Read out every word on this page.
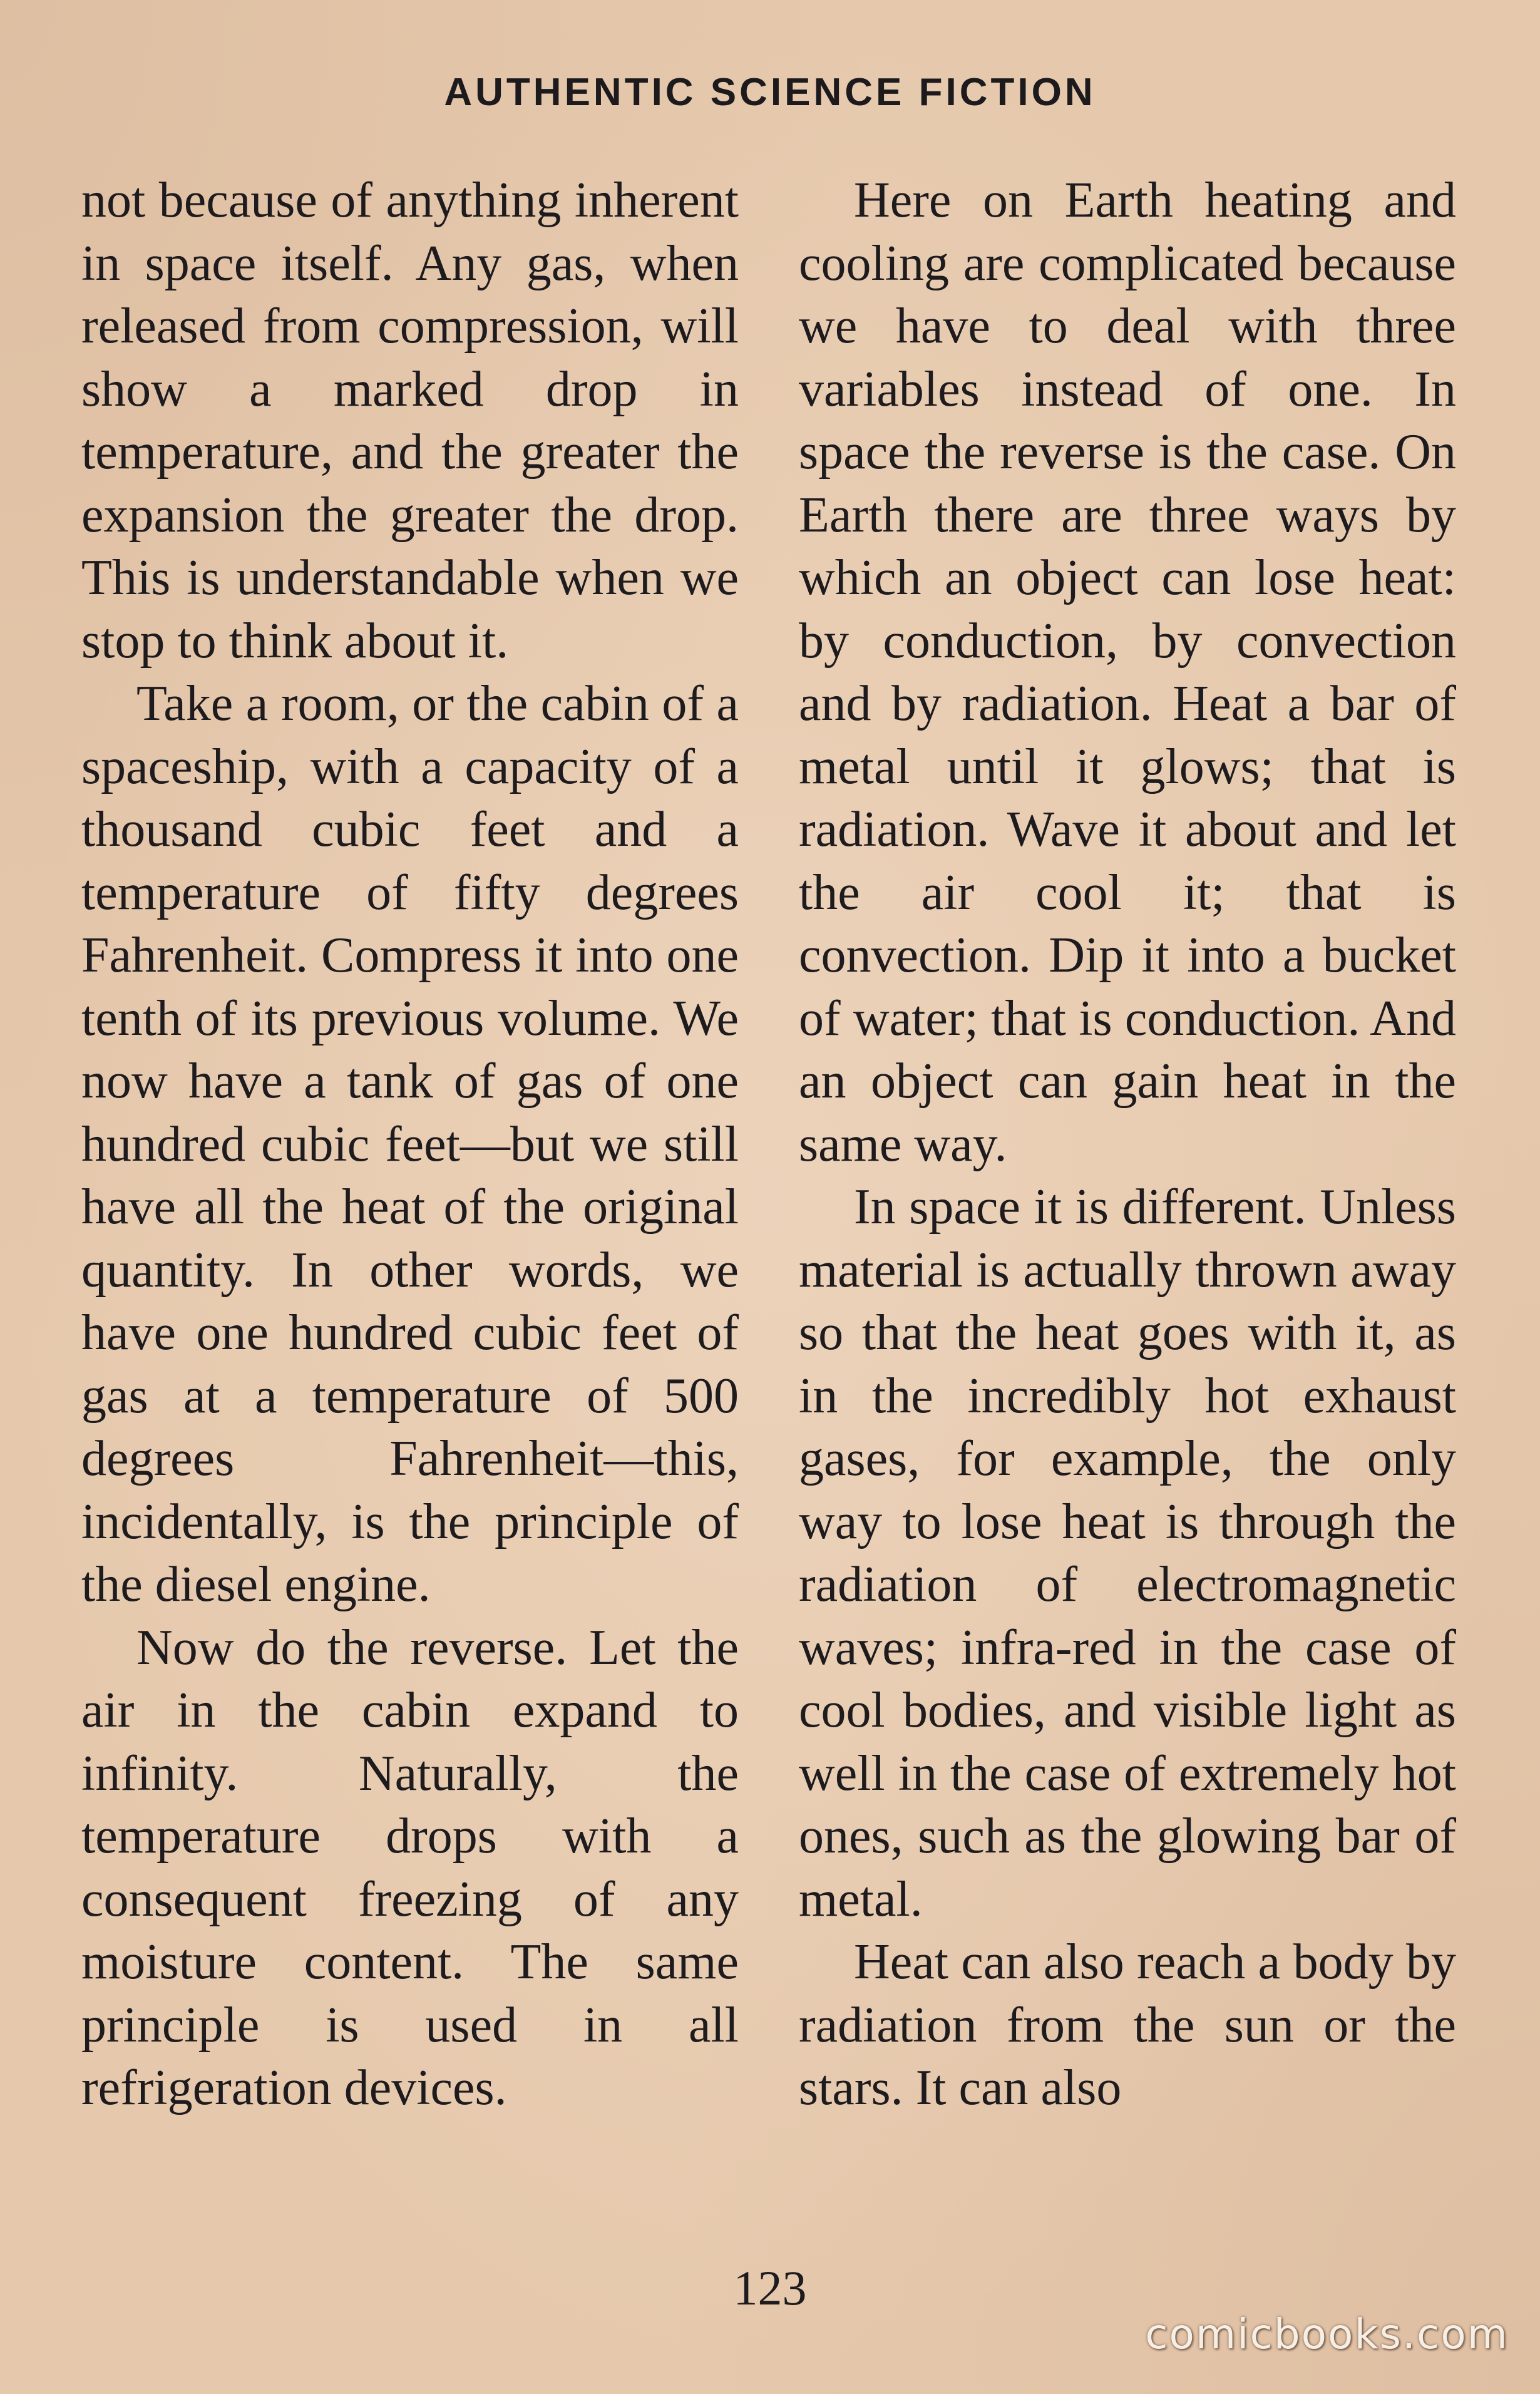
AUTHENTIC SCIENCE FICTION

not because of anything inherent in space itself. Any gas, when released from compression, will show a marked drop in temperature, and the greater the expansion the greater the drop. This is understandable when we stop to think about it.

Take a room, or the cabin of a spaceship, with a capacity of a thousand cubic feet and a temperature of fifty degrees Fahrenheit. Compress it into one tenth of its previous volume. We now have a tank of gas of one hundred cubic feet—but we still have all the heat of the original quantity. In other words, we have one hundred cubic feet of gas at a temperature of 500 degrees Fahrenheit—this, incidentally, is the principle of the diesel engine.

Now do the reverse. Let the air in the cabin expand to infinity. Naturally, the temperature drops with a consequent freezing of any moisture content. The same principle is used in all refrigeration devices.

Here on Earth heating and cooling are complicated because we have to deal with three variables instead of one. In space the reverse is the case. On Earth there are three ways by which an object can lose heat: by conduction, by convection and by radiation. Heat a bar of metal until it glows; that is radiation. Wave it about and let the air cool it; that is convection. Dip it into a bucket of water; that is conduction. And an object can gain heat in the same way.

In space it is different. Unless material is actually thrown away so that the heat goes with it, as in the incredibly hot exhaust gases, for example, the only way to lose heat is through the radiation of electromagnetic waves; infra-red in the case of cool bodies, and visible light as well in the case of extremely hot ones, such as the glowing bar of metal.

Heat can also reach a body by radiation from the sun or the stars. It can also

123
comicbooks.com
